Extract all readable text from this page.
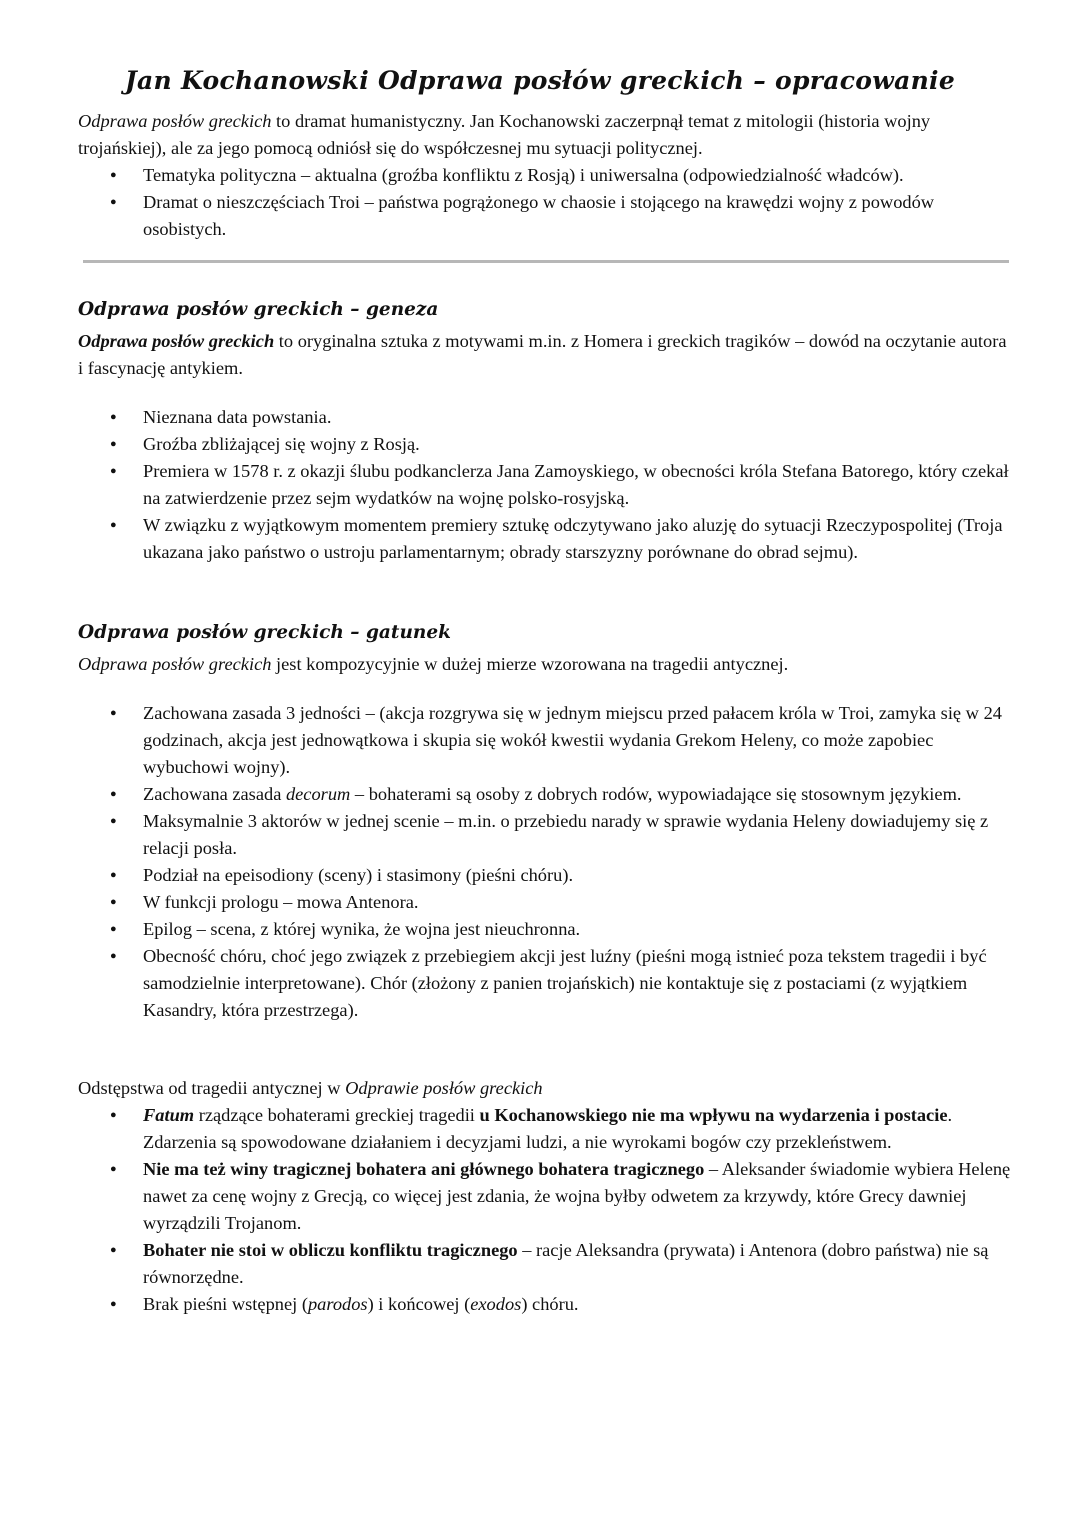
Jan Kochanowski Odprawa posłów greckich – opracowanie
Odprawa posłów greckich to dramat humanistyczny. Jan Kochanowski zaczerpnął temat z mitologii (historia wojny trojańskiej), ale za jego pomocą odniósł się do współczesnej mu sytuacji politycznej.
● Tematyka polityczna – aktualna (groźba konfliktu z Rosją) i uniwersalna (odpowiedzialność władców).
● Dramat o nieszczęściach Troi – państwa pogrążonego w chaosie i stojącego na krawędzi wojny z powodów osobistych.
Odprawa posłów greckich – geneza
Odprawa posłów greckich to oryginalna sztuka z motywami m.in. z Homera i greckich tragików – dowód na oczytanie autora i fascynację antykiem.
● Nieznana data powstania.
● Groźba zbliżającej się wojny z Rosją.
● Premiera w 1578 r. z okazji ślubu podkanclerza Jana Zamoyskiego, w obecności króla Stefana Batorego, który czekał na zatwierdzenie przez sejm wydatków na wojnę polsko-rosyjską.
● W związku z wyjątkowym momentem premiery sztukę odczytywano jako aluzję do sytuacji Rzeczypospolitej (Troja ukazana jako państwo o ustroju parlamentarnym; obrady starszyzny porównane do obrad sejmu).
Odprawa posłów greckich – gatunek
Odprawa posłów greckich jest kompozycyjnie w dużej mierze wzorowana na tragedii antycznej.
● Zachowana zasada 3 jedności – (akcja rozgrywa się w jednym miejscu przed pałacem króla w Troi, zamyka się w 24 godzinach, akcja jest jednowątkowa i skupia się wokół kwestii wydania Grekom Heleny, co może zapobiec wybuchowi wojny).
● Zachowana zasada decorum – bohaterami są osoby z dobrych rodów, wypowiadające się stosownym językiem.
● Maksymalnie 3 aktorów w jednej scenie – m.in. o przebiedu narady w sprawie wydania Heleny dowiadujemy się z relacji posła.
● Podział na epeisodiony (sceny) i stasimony (pieśni chóru).
● W funkcji prologu – mowa Antenora.
● Epilog – scena, z której wynika, że wojna jest nieuchronna.
● Obecność chóru, choć jego związek z przebiegiem akcji jest luźny (pieśni mogą istnieć poza tekstem tragedii i być samodzielnie interpretowane). Chór (złożony z panien trojańskich) nie kontaktuje się z postaciami (z wyjątkiem Kasandry, która przestrzega).
Odstępstwa od tragedii antycznej w Odprawie posłów greckich
● Fatum rządzące bohaterami greckiej tragedii u Kochanowskiego nie ma wpływu na wydarzenia i postacie. Zdarzenia są spowodowane działaniem i decyzjami ludzi, a nie wyrokami bogów czy przekleństwem.
● Nie ma też winy tragicznej bohatera ani głównego bohatera tragicznego – Aleksander świadomie wybiera Helenę nawet za cenę wojny z Grecją, co więcej jest zdania, że wojna byłby odwetem za krzywdy, które Grecy dawniej wyrządzili Trojanom.
● Bohater nie stoi w obliczu konfliktu tragicznego – racje Aleksandra (prywata) i Antenora (dobro państwa) nie są równorzędne.
● Brak pieśni wstępnej (parodos) i końcowej (exodos) chóru.
